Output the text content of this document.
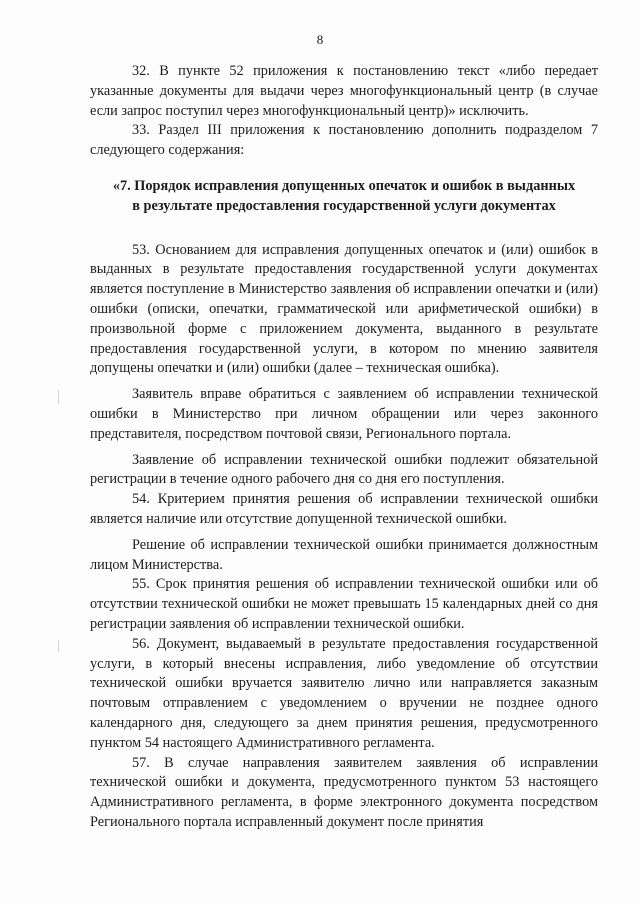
8

32. В пункте 52 приложения к постановлению текст «либо передает указанные документы для выдачи через многофункциональный центр (в случае если запрос поступил через многофункциональный центр)» исключить.

33. Раздел III приложения к постановлению дополнить подразделом 7 следующего содержания:

«7. Порядок исправления допущенных опечаток и ошибок в выданных
в результате предоставления государственной услуги документах

53. Основанием для исправления допущенных опечаток и (или) ошибок в выданных в результате предоставления государственной услуги документах является поступление в Министерство заявления об исправлении опечатки и (или) ошибки (описки, опечатки, грамматической или арифметической ошибки) в произвольной форме с приложением документа, выданного в результате предоставления государственной услуги, в котором по мнению заявителя допущены опечатки и (или) ошибки (далее – техническая ошибка).

Заявитель вправе обратиться с заявлением об исправлении технической ошибки в Министерство при личном обращении или через законного представителя, посредством почтовой связи, Регионального портала.

Заявление об исправлении технической ошибки подлежит обязательной регистрации в течение одного рабочего дня со дня его поступления.

54. Критерием принятия решения об исправлении технической ошибки является наличие или отсутствие допущенной технической ошибки.

Решение об исправлении технической ошибки принимается должностным лицом Министерства.

55. Срок принятия решения об исправлении технической ошибки или об отсутствии технической ошибки не может превышать 15 календарных дней со дня регистрации заявления об исправлении технической ошибки.

56. Документ, выдаваемый в результате предоставления государственной услуги, в который внесены исправления, либо уведомление об отсутствии технической ошибки вручается заявителю лично или направляется заказным почтовым отправлением с уведомлением о вручении не позднее одного календарного дня, следующего за днем принятия решения, предусмотренного пунктом 54 настоящего Административного регламента.

57. В случае направления заявителем заявления об исправлении технической ошибки и документа, предусмотренного пунктом 53 настоящего Административного регламента, в форме электронного документа посредством Регионального портала исправленный документ после принятия
